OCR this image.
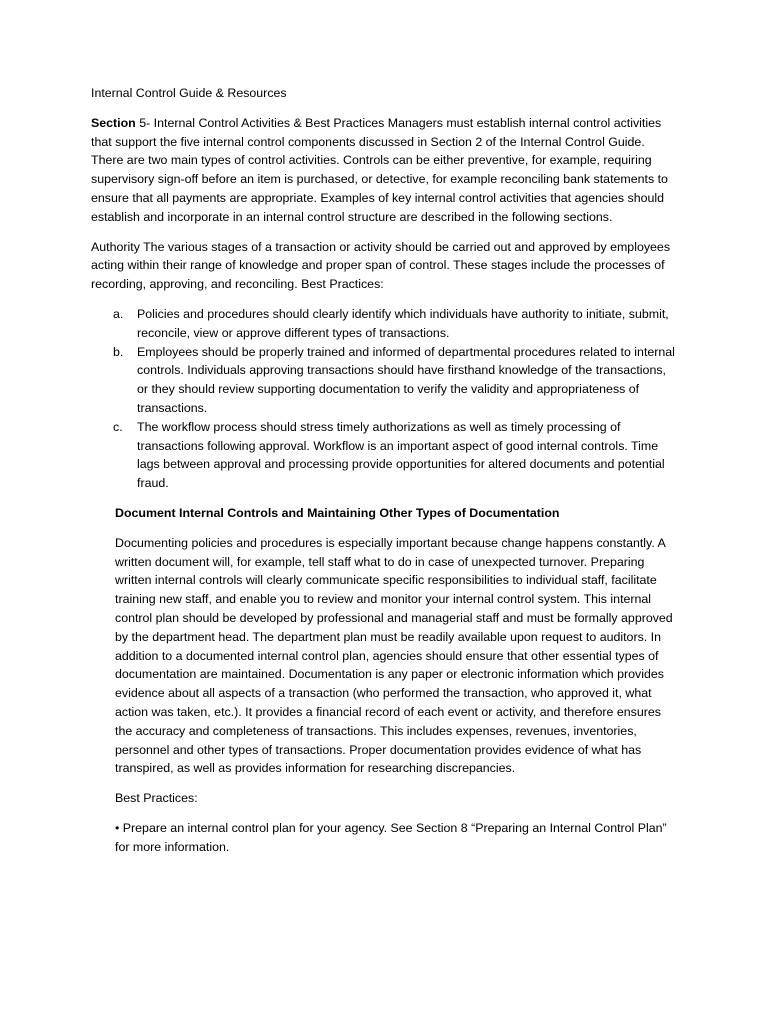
Internal Control Guide & Resources

Section 5- Internal Control Activities & Best Practices Managers must establish internal control activities that support the five internal control components discussed in Section 2 of the Internal Control Guide. There are two main types of control activities. Controls can be either preventive, for example, requiring supervisory sign-off before an item is purchased, or detective, for example reconciling bank statements to ensure that all payments are appropriate. Examples of key internal control activities that agencies should establish and incorporate in an internal control structure are described in the following sections.

Authority The various stages of a transaction or activity should be carried out and approved by employees acting within their range of knowledge and proper span of control. These stages include the processes of recording, approving, and reconciling. Best Practices:

a. Policies and procedures should clearly identify which individuals have authority to initiate, submit, reconcile, view or approve different types of transactions.
b. Employees should be properly trained and informed of departmental procedures related to internal controls. Individuals approving transactions should have firsthand knowledge of the transactions, or they should review supporting documentation to verify the validity and appropriateness of transactions.
c. The workflow process should stress timely authorizations as well as timely processing of transactions following approval. Workflow is an important aspect of good internal controls. Time lags between approval and processing provide opportunities for altered documents and potential fraud.

Document Internal Controls and Maintaining Other Types of Documentation

Documenting policies and procedures is especially important because change happens constantly. A written document will, for example, tell staff what to do in case of unexpected turnover. Preparing written internal controls will clearly communicate specific responsibilities to individual staff, facilitate training new staff, and enable you to review and monitor your internal control system. This internal control plan should be developed by professional and managerial staff and must be formally approved by the department head. The department plan must be readily available upon request to auditors. In addition to a documented internal control plan, agencies should ensure that other essential types of documentation are maintained. Documentation is any paper or electronic information which provides evidence about all aspects of a transaction (who performed the transaction, who approved it, what action was taken, etc.). It provides a financial record of each event or activity, and therefore ensures the accuracy and completeness of transactions. This includes expenses, revenues, inventories, personnel and other types of transactions. Proper documentation provides evidence of what has transpired, as well as provides information for researching discrepancies.

Best Practices:

• Prepare an internal control plan for your agency. See Section 8 “Preparing an Internal Control Plan” for more information.
